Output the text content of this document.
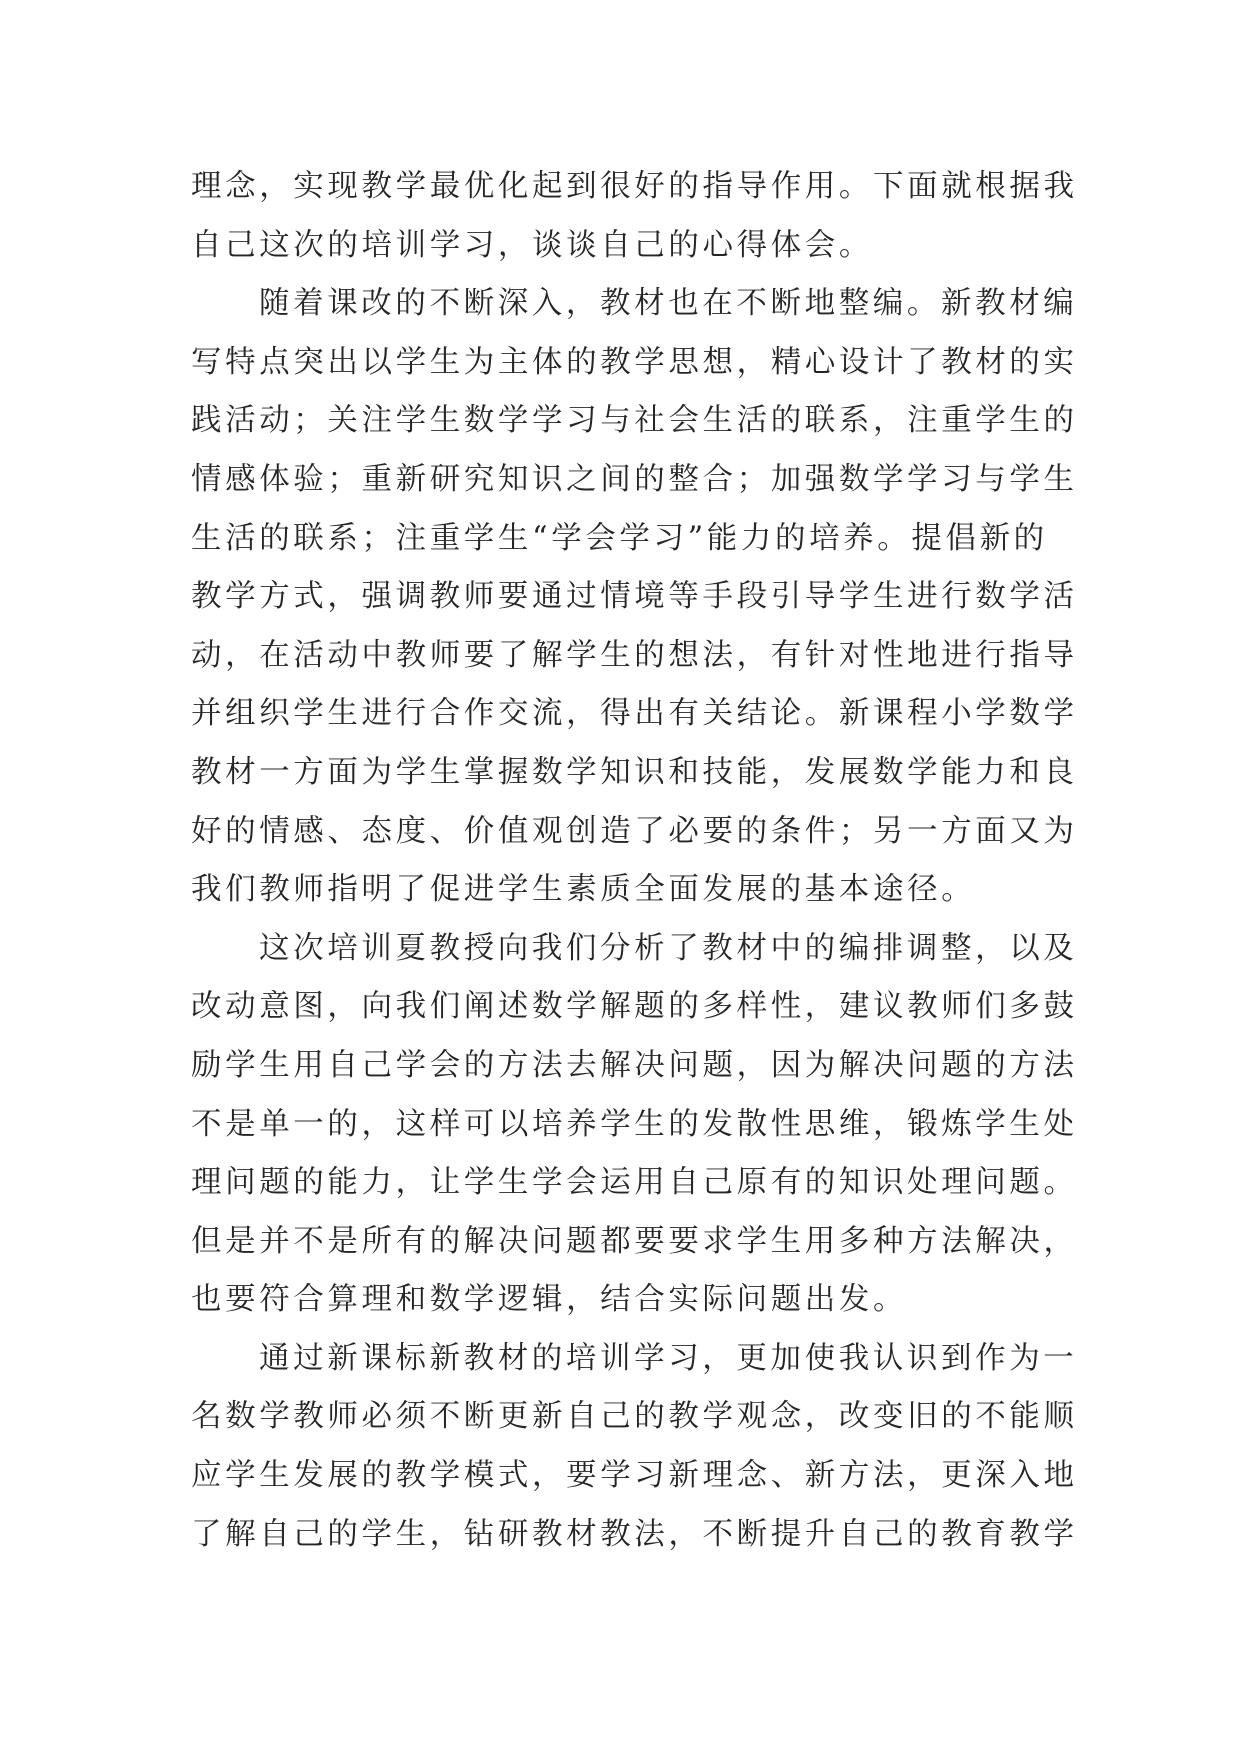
理念，实现教学最优化起到很好的指导作用。下面就根据我
自己这次的培训学习，谈谈自己的心得体会。
随着课改的不断深入，教材也在不断地整编。新教材编
写特点突出以学生为主体的教学思想，精心设计了教材的实
践活动；关注学生数学学习与社会生活的联系，注重学生的
情感体验；重新研究知识之间的整合；加强数学学习与学生
生活的联系；注重学生“学会学习”能力的培养。提倡新的
教学方式，强调教师要通过情境等手段引导学生进行数学活
动，在活动中教师要了解学生的想法，有针对性地进行指导
并组织学生进行合作交流，得出有关结论。新课程小学数学
教材一方面为学生掌握数学知识和技能，发展数学能力和良
好的情感、态度、价值观创造了必要的条件；另一方面又为
我们教师指明了促进学生素质全面发展的基本途径。
这次培训夏教授向我们分析了教材中的编排调整，以及
改动意图，向我们阐述数学解题的多样性，建议教师们多鼓
励学生用自己学会的方法去解决问题，因为解决问题的方法
不是单一的，这样可以培养学生的发散性思维，锻炼学生处
理问题的能力，让学生学会运用自己原有的知识处理问题。
但是并不是所有的解决问题都要要求学生用多种方法解决，
也要符合算理和数学逻辑，结合实际问题出发。
通过新课标新教材的培训学习，更加使我认识到作为一
名数学教师必须不断更新自己的教学观念，改变旧的不能顺
应学生发展的教学模式，要学习新理念、新方法，更深入地
了解自己的学生，钻研教材教法，不断提升自己的教育教学
